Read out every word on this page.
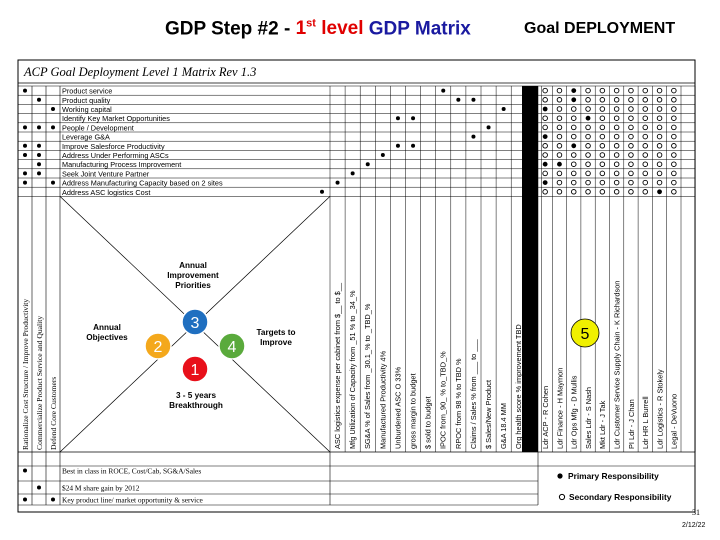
GDP Step #2 - 1st level GDP Matrix	Goal DEPLOYMENT
ACP Goal Deployment Level 1 Matrix Rev 1.3
Product service
Product quality
Working capital
Identify Key Market Opportunities
People / Development
Leverage G&A
Improve Salesforce Productivity
Address Under Performing ASCs
Manufacturing Process Improvement
Seek Joint Venture Partner
Address Manufacturing Capacity based on 2 sites
Address ASC logistics Cost
Rationalize Cost Structure / Improve Productivity Commercialize Product Service and Quality Defend Core Customers	ASC logistics expense per cabinet from $__ to $__ Mfg Utilization of Capacity from _51 % to _34_% SG&A % of Sales from _30.1_% to _TBD_% Manufactured Productivity 4% Unburdened ASC O 33% gross margin to budget $ sold to budget IPOC from_90_ % to_TBD_% RPOC from 98 % to TBD % Claims / Sales % from ___ to ___ $ Sales/New Product G&A 18.4 MM Org health score % improvement TBD Working capital turns from ___ to ___ Ldr ACP - R Cohen Ldr Finance - H Maymon Ldr Ops Mfg - D Mullis Sales Ldr - S Nash Mkt Ldr - J Tak Ldr Customer Service Supply Chain - K Richardson PI Ldr - J Chan Ldr HR L Burrell Ldr Logistics - R Stokely Legal - DeVuono
Annual Improvement Priorities
Annual Objectives
Targets to Improve
3 - 5 years Breakthrough
2
3
4
1
5
Best in class in ROCE, Cost/Cab, SG&A/Sales
$24 M share gain by 2012
Key product line/ market opportunity & service
Primary Responsibility
Secondary Responsibility
31
2/12/22
